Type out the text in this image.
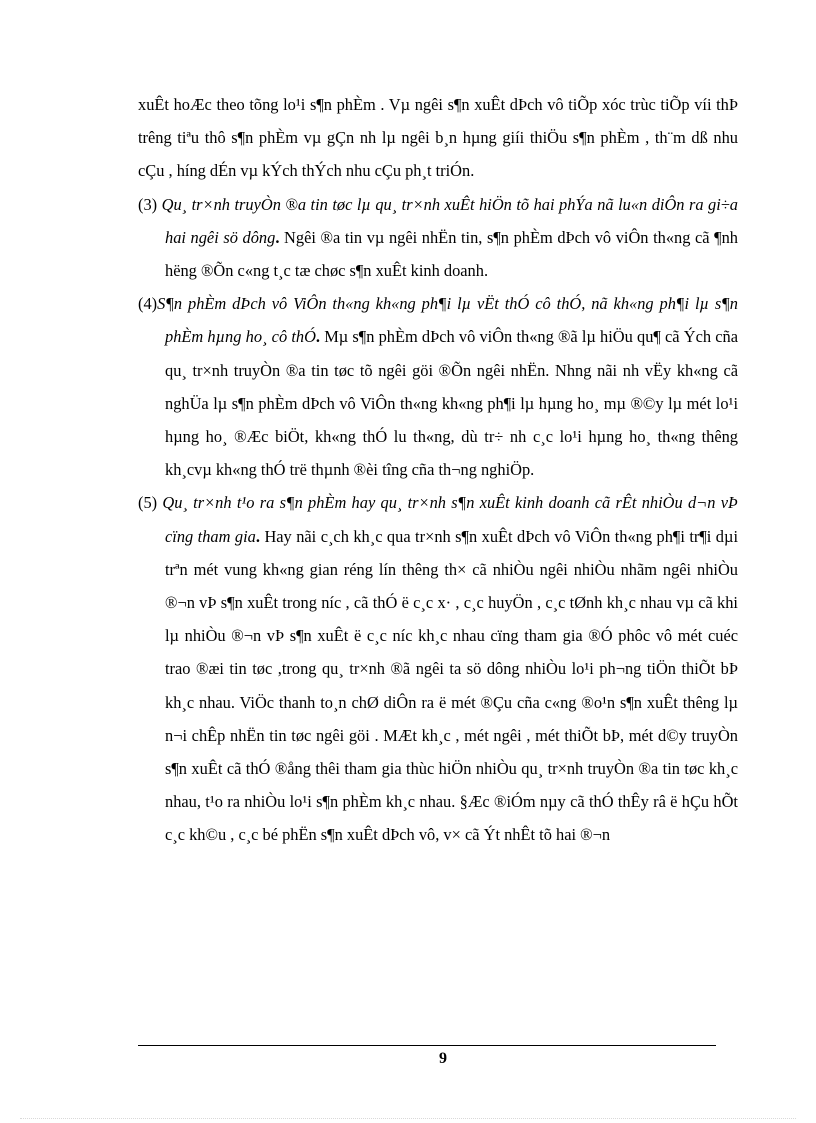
xuÊt hoÆc theo tõng lo¹i s¶n phÈm . Vµ ngêi s¶n xuÊt dÞch vô tiÕp xóc trùc tiÕp víi thÞ trêng tiªu thô s¶n phÈm vµ gÇn nh lµ ngêi b¸n hµng giíi thiÖu s¶n phÈm , th¨m dß nhu cÇu , híng dÉn vµ kÝch thÝch nhu cÇu ph¸t triÓn.

(3) Qu¸ tr×nh truyÒn ®a tin tøc lµ qu¸ tr×nh xuÊt hiÖn tõ hai phÝa nã lu«n diÔn ra gi÷a hai ngêi sö dông. Ngêi ®a tin vµ ngêi nhËn tin, s¶n phÈm dÞch vô viÔn th«ng cã ¶nh hëng ®Õn c«ng t¸c tæ chøc s¶n xuÊt kinh doanh.

(4)S¶n phÈm dÞch vô ViÔn th«ng kh«ng ph¶i lµ vËt thÓ cô thÓ, nã kh«ng ph¶i lµ s¶n phÈm hµng ho¸ cô thÓ. Mµ s¶n phÈm dÞch vô viÔn th«ng ®ã lµ hiÖu qu¶ cã Ých cña qu¸ tr×nh truyÒn ®a tin tøc tõ ngêi göi ®Õn ngêi nhËn. Nhng nãi nh vËy kh«ng cã nghÜa lµ s¶n phÈm dÞch vô ViÔn th«ng kh«ng ph¶i lµ hµng ho¸ mµ ®©y lµ mét lo¹i hµng ho¸ ®Æc biÖt, kh«ng thÓ lu th«ng, dù tr÷ nh c¸c lo¹i hµng ho¸ th«ng thêng kh¸cvµ kh«ng thÓ trë thµnh ®èi tîng cña th¬ng nghiÖp.

(5) Qu¸ tr×nh t¹o ra s¶n phÈm hay qu¸ tr×nh s¶n xuÊt kinh doanh cã rÊt nhiÒu d¬n vÞ cïng tham gia. Hay nãi c¸ch kh¸c qua tr×nh s¶n xuÊt dÞch vô ViÔn th«ng ph¶i tr¶i dµi trªn mét vung kh«ng gian réng lín thêng th× cã nhiÒu ngêi nhiÒu nhãm ngêi nhiÒu ®¬n vÞ s¶n xuÊt trong níc , cã thÓ ë c¸c x· , c¸c huyÖn , c¸c tØnh kh¸c nhau vµ cã khi lµ nhiÒu ®¬n vÞ s¶n xuÊt ë c¸c níc kh¸c nhau cïng tham gia ®Ó phôc vô mét cuéc trao ®æi tin tøc ,trong qu¸ tr×nh ®ã ngêi ta sö dông nhiÒu lo¹i ph¬ng tiÖn thiÕt bÞ kh¸c nhau. ViÖc thanh to¸n chØ diÔn ra ë mét ®Çu cña c«ng ®o¹n s¶n xuÊt thêng lµ n¬i chÊp nhËn tin tøc ngêi göi . MÆt kh¸c , mét ngêi , mét thiÕt bÞ, mét d©y truyÒn s¶n xuÊt cã thÓ ®ång thêi tham gia thùc hiÖn nhiÒu qu¸ tr×nh truyÒn ®a tin tøc kh¸c nhau, t¹o ra nhiÒu lo¹i s¶n phÈm kh¸c nhau. §Æc ®iÓm nµy cã thÓ thÊy râ ë hÇu hÕt c¸c kh©u , c¸c bé phËn s¶n xuÊt dÞch vô, v× cã Ýt nhÊt tõ hai ®¬n

9
